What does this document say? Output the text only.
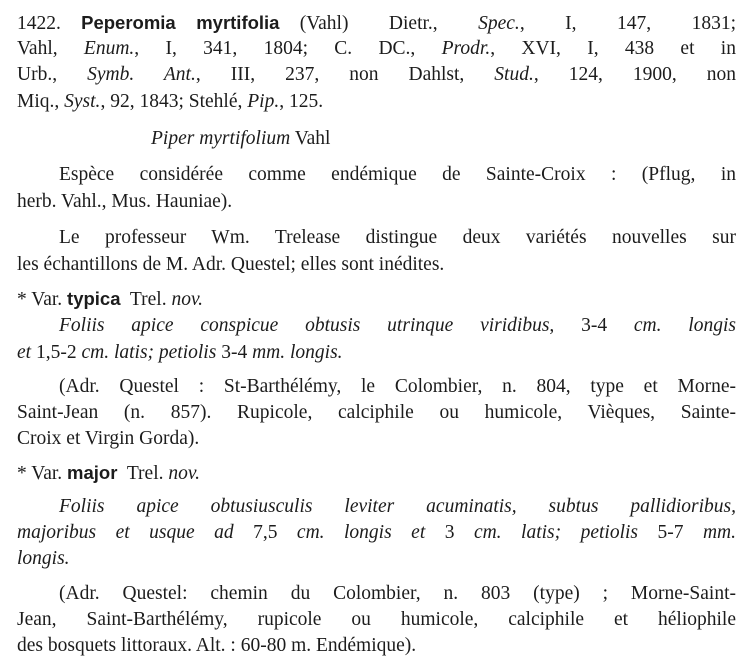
1422. Peperomia myrtifolia (Vahl)  Dietr.,  Spec.,  I,  147,  1831;
Vahl, Enum., I, 341, 1804; C. DC., Prodr., XVI, I, 438 et in
Urb., Symb. Ant., III, 237, non Dahlst, Stud., 124, 1900, non
Miq., Syst., 92, 1843; Stehlé, Pip., 125.
Piper myrtifolium Vahl
Espèce considérée comme endémique de Sainte-Croix : (Pflug, in
herb. Vahl., Mus. Hauniae).
Le professeur Wm. Trelease distingue deux variétés nouvelles sur
les échantillons de M. Adr. Questel; elles sont inédites.
* Var. typica  Trel. nov.
Foliis apice conspicue obtusis utrinque viridibus, 3-4 cm. longis
et 1,5-2 cm. latis; petiolis 3-4 mm. longis.
(Adr. Questel : St-Barthélémy, le Colombier, n. 804, type et Morne-
Saint-Jean (n. 857). Rupicole, calciphile ou humicole, Vièques, Sainte-
Croix et Virgin Gorda).
* Var. major  Trel. nov.
Foliis apice obtusiusculis leviter acuminatis, subtus pallidioribus,
majoribus et usque ad 7,5 cm. longis et 3 cm. latis; petiolis 5-7 mm.
longis.
(Adr. Questel: chemin du Colombier, n. 803 (type) ; Morne-Saint-
Jean, Saint-Barthélémy, rupicole ou humicole, calciphile et héliophile
des bosquets littoraux. Alt. : 60-80 m. Endémique).
